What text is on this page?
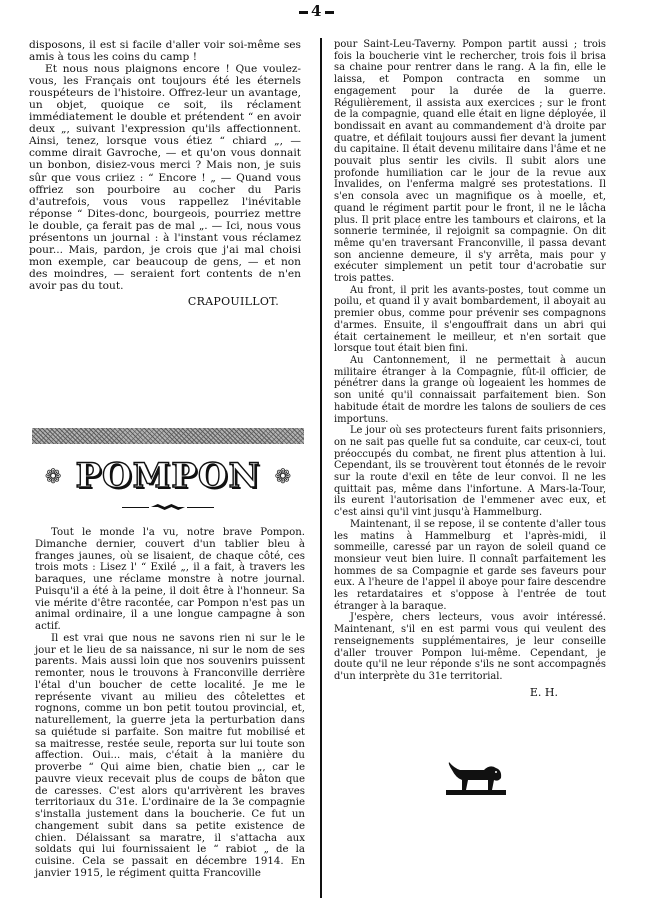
4

disposons, il est si facile d'aller voir soi-même ses amis à tous les coins du camp !

Et nous nous plaignons encore ! Que voulez-vous, les Français ont toujours été les éternels rouspéteurs de l'histoire. Offrez-leur un avantage, un objet, quoique ce soit, ils réclament immédiatement le double et prétendent “ en avoir deux „, suivant l'expression qu'ils affectionnent. Ainsi, tenez, lorsque vous étiez “ chiard „, — comme dirait Gavroche, — et qu'on vous donnait un bonbon, disiez-vous merci ? Mais non, je suis sûr que vous criiez : “ Encore ! „ — Quand vous offriez son pourboire au cocher du Paris d'autrefois, vous vous rappellez l'inévitable réponse “ Dites-donc, bourgeois, pourriez mettre le double, ça ferait pas de mal „. — Ici, nous vous présentons un journal : à l'instant vous réclamez pour... Mais, pardon, je crois que j'ai mal choisi mon exemple, car beaucoup de gens, — et non des moindres, — seraient fort contents de n'en avoir pas du tout.

CRAPOUILLOT.

❁ POMPON ❁

Tout le monde l'a vu, notre brave Pompon. Dimanche dernier, couvert d'un tablier bleu à franges jaunes, où se lisaient, de chaque côté, ces trois mots : Lisez l' “ Exilé „, il a fait, à travers les baraques, une réclame monstre à notre journal. Puisqu'il a été à la peine, il doit être à l'honneur. Sa vie mérite d'être racontée, car Pompon n'est pas un animal ordinaire, il a une longue campagne à son actif.

Il est vrai que nous ne savons rien ni sur le le jour et le lieu de sa naissance, ni sur le nom de ses parents. Mais aussi loin que nos souvenirs puissent remonter, nous le trouvons à Franconville derrière l'étal d'un boucher de cette localité. Je me le représente vivant au milieu des côtelettes et rognons, comme un bon petit toutou provincial, et, naturellement, la guerre jeta la perturbation dans sa quiétude si parfaite. Son maitre fut mobilisé et sa maitresse, restée seule, reporta sur lui toute son affection. Oui... mais, c'était à la manière du proverbe “ Qui aime bien, chatie bien „, car le pauvre vieux recevait plus de coups de bâton que de caresses. C'est alors qu'arrivèrent les braves territoriaux du 31e. L'ordinaire de la 3e compagnie s'installa justement dans la boucherie. Ce fut un changement subit dans sa petite existence de chien. Délaissant sa maratre, il s'attacha aux soldats qui lui fournissaient le “ rabiot „ de la cuisine. Cela se passait en décembre 1914. En janvier 1915, le régiment quitta Francoville

pour Saint-Leu-Taverny. Pompon partit aussi ; trois fois la boucherie vint le rechercher, trois fois il brisa sa chaine pour rentrer dans le rang. A la fin, elle le laissa, et Pompon contracta en somme un engagement pour la durée de la guerre. Régulièrement, il assista aux exercices ; sur le front de la compagnie, quand elle était en ligne déployée, il bondissait en avant au commandement d'à droite par quatre, et défilait toujours aussi fier devant la jument du capitaine. Il était devenu militaire dans l'âme et ne pouvait plus sentir les civils. Il subit alors une profonde humiliation car le jour de la revue aux Invalides, on l'enferma malgré ses protestations. Il s'en consola avec un magnifique os à moelle, et, quand le régiment partit pour le front, il ne le lâcha plus. Il prit place entre les tambours et clairons, et la sonnerie terminée, il rejoignit sa compagnie. On dit même qu'en traversant Franconville, il passa devant son ancienne demeure, il s'y arrêta, mais pour y exécuter simplement un petit tour d'acrobatie sur trois pattes.

Au front, il prit les avants-postes, tout comme un poilu, et quand il y avait bombardement, il aboyait au premier obus, comme pour prévenir ses compagnons d'armes. Ensuite, il s'engouffrait dans un abri qui était certainement le meilleur, et n'en sortait que lorsque tout était bien fini.

Au Cantonnement, il ne permettait à aucun militaire étranger à la Compagnie, fût-il officier, de pénétrer dans la grange où logeaient les hommes de son unité qu'il connaissait parfaitement bien. Son habitude était de mordre les talons de souliers de ces importuns.

Le jour où ses protecteurs furent faits prisonniers, on ne sait pas quelle fut sa conduite, car ceux-ci, tout préoccupés du combat, ne firent plus attention à lui. Cependant, ils se trouvèrent tout étonnés de le revoir sur la route d'exil en tête de leur convoi. Il ne les quittait pas, même dans l'infortune. A Mars-la-Tour, ils eurent l'autorisation de l'emmener avec eux, et c'est ainsi qu'il vint jusqu'à Hammelburg.

Maintenant, il se repose, il se contente d'aller tous les matins à Hammelburg et l'après-midi, il sommeille, caressé par un rayon de soleil quand ce monsieur veut bien luire. Il connaît parfaitement les hommes de sa Compagnie et garde ses faveurs pour eux. A l'heure de l'appel il aboye pour faire descendre les retardataires et s'oppose à l'entrée de tout étranger à la baraque.

J'espère, chers lecteurs, vous avoir intéressé. Maintenant, s'il en est parmi vous qui veulent des renseignements supplémentaires, je leur conseille d'aller trouver Pompon lui-même. Cependant, je doute qu'il ne leur réponde s'ils ne sont accompagnés d'un interprète du 31e territorial.

E. H.
